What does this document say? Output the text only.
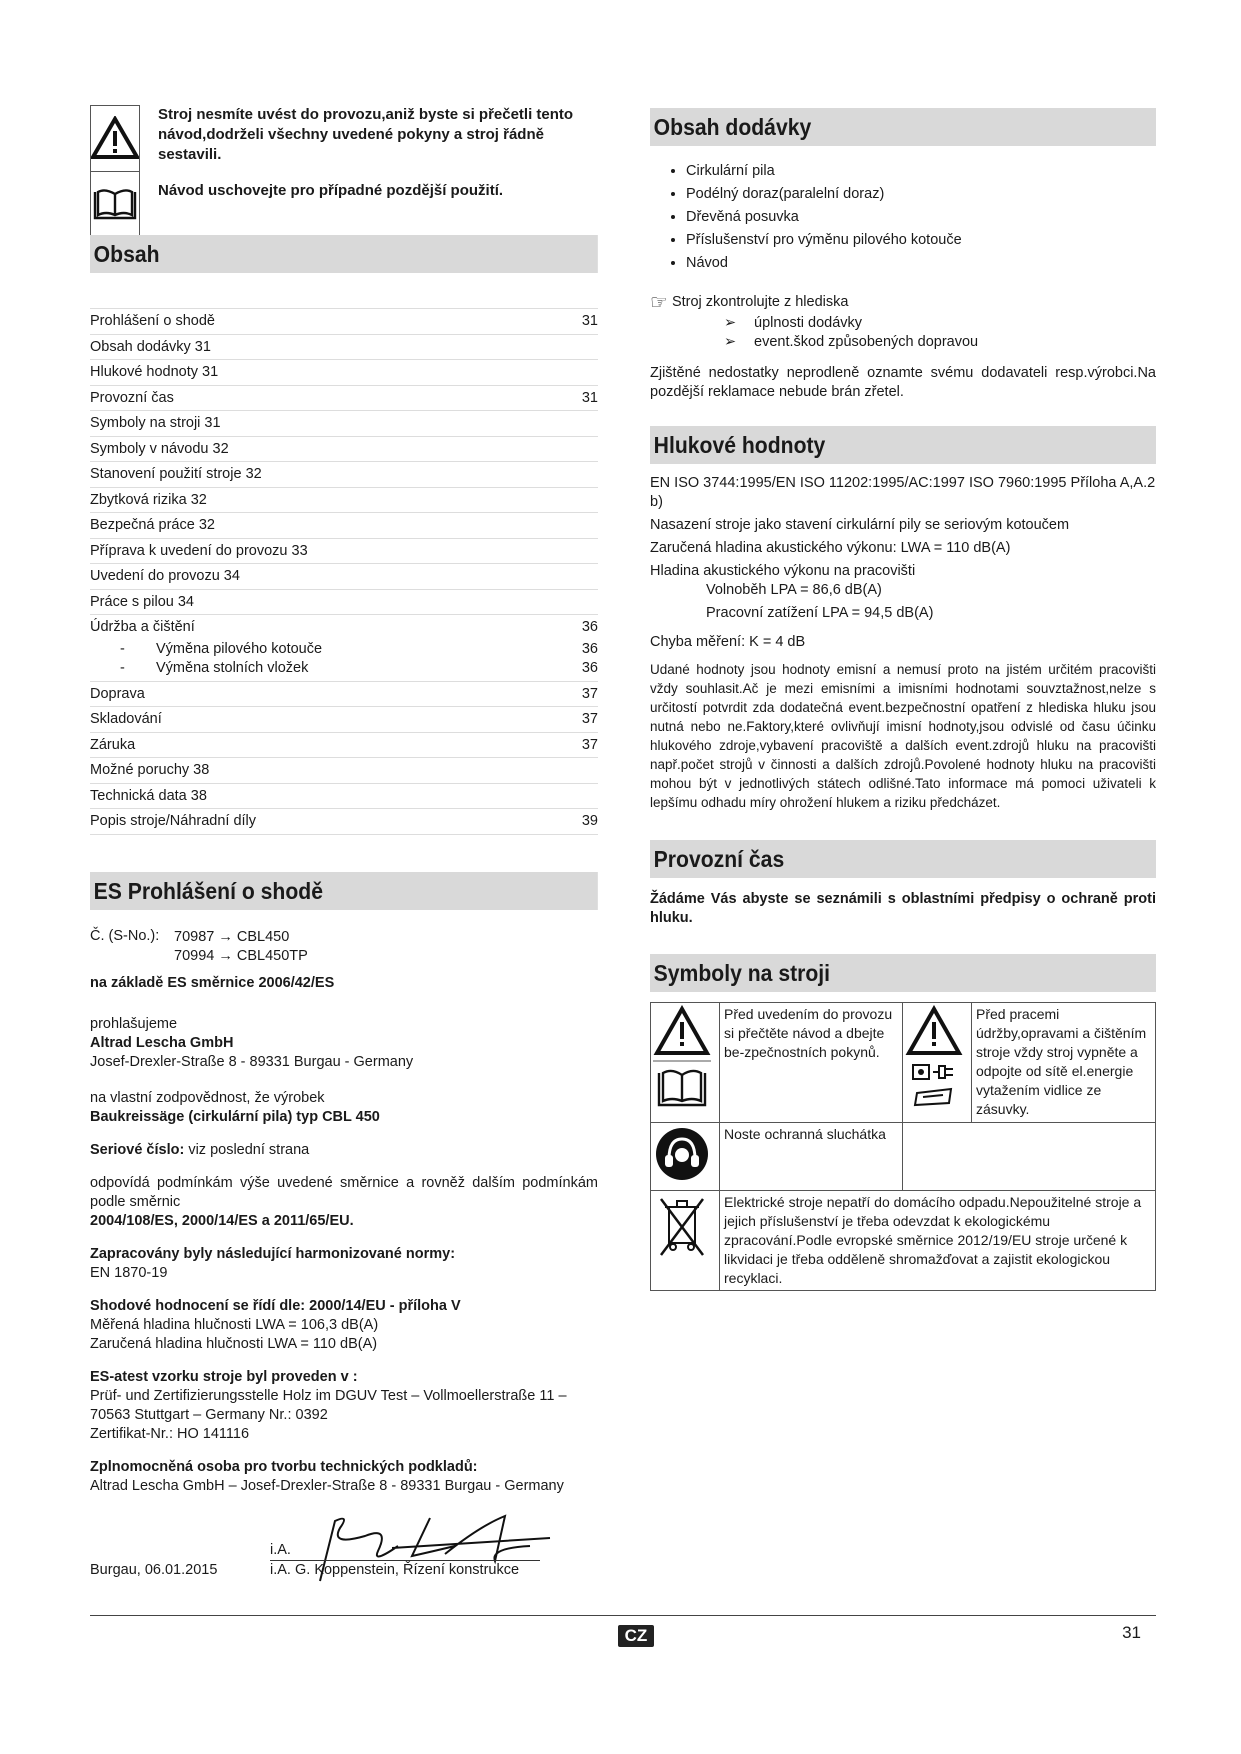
Stroj nesmíte uvést do provozu,aniž byste si přečetli tento návod,dodrželi všechny uvedené pokyny a stroj řádně sestavili.

Návod uschovejte pro případné pozdější použití.

Obsah
Prohlášení o shodě	31
Obsah dodávky 31
Hlukové hodnoty 31
Provozní čas	31
Symboly na stroji 31
Symboly v návodu 32
Stanovení použití stroje 32
Zbytková rizika 32
Bezpečná práce 32
Příprava k uvedení do provozu 33
Uvedení do provozu 34
Práce s pilou 34
Údržba a čištění	36
- Výměna pilového kotouče	36
- Výměna stolních vložek	36
Doprava	37
Skladování	37
Záruka	37
Možné poruchy 38
Technická data 38
Popis stroje/Náhradní díly	39
ES Prohlášení o shodě
Č. (S-No.):	70987 → CBL450

70994 → CBL450TP

na základě ES směrnice 2006/42/ES

prohlašujeme

Altrad Lescha GmbH

Josef-Drexler-Straße 8 - 89331 Burgau - Germany

na vlastní zodpovědnost, že výrobek

Baukreissäge (cirkulární pila) typ CBL 450

Seriové číslo: viz poslední strana

odpovídá podmínkám výše uvedené směrnice a rovněž dalším podmínkám podle směrnic

2004/108/ES, 2000/14/ES a 2011/65/EU.

Zapracovány byly následující harmonizované normy:

EN 1870-19

Shodové hodnocení se řídí dle: 2000/14/EU - příloha V

Měřená hladina hlučnosti LWA = 106,3 dB(A)

Zaručená hladina hlučnosti LWA = 110 dB(A)

ES-atest vzorku stroje byl proveden v :

Prüf- und Zertifizierungsstelle Holz im DGUV Test – Vollmoellerstraße 11 –

70563 Stuttgart – Germany Nr.: 0392

Zertifikat-Nr.: HO 141116

Zplnomocněná osoba pro tvorbu technických podkladů:

Altrad Lescha GmbH – Josef-Drexler-Straße 8 - 89331 Burgau - Germany

i.A.
Burgau, 06.01.2015	i.A. G. Koppenstein, Řízení konstrukce
Obsah dodávky
• Cirkulární pila
• Podélný doraz(paralelní doraz)
• Dřevěná posuvka
• Příslušenství pro výměnu pilového kotouče
• Návod
☞ Stroj zkontrolujte z hlediska

➢ úplnosti dodávky

➢ event.škod způsobených dopravou

Zjištěné nedostatky neprodleně oznamte svému dodavateli resp.výrobci.Na pozdější reklamace nebude brán zřetel.

Hlukové hodnoty

EN ISO 3744:1995/EN ISO 11202:1995/AC:1997 ISO 7960:1995 Příloha A,A.2 b)

Nasazení stroje jako stavení cirkulární pily se seriovým kotoučem

Zaručená hladina akustického výkonu: LWA = 110 dB(A)

Hladina akustického výkonu na pracovišti

Volnoběh LPA = 86,6 dB(A)

Pracovní zatížení LPA = 94,5 dB(A)

Chyba měření: K = 4 dB

Udané hodnoty jsou hodnoty emisní a nemusí proto na jistém určitém pracovišti vždy souhlasit.Ač je mezi emisními a imisními hodnotami souvztažnost,nelze s určitostí potvrdit zda dodatečná event.bezpečnostní opatření z hlediska hluku jsou nutná nebo ne.Faktory,které ovlivňují imisní hodnoty,jsou odvislé od času účinku hlukového zdroje,vybavení pracoviště a dalších event.zdrojů hluku na pracovišti např.počet strojů v činnosti a dalších zdrojů.Povolené hodnoty hluku na pracovišti mohou být v jednotlivých státech odlišné.Tato informace má pomoci uživateli k lepšímu odhadu míry ohrožení hlukem a riziku předcházet.

Provozní čas

Žádáme Vás abyste se seznámili s oblastními předpisy o ochraně proti hluku.

Symboly na stroji
	Před uvedením do provozu si přečtěte návod a dbejte be-zpečnostních pokynů.		Před pracemi údržby,opravami a čištěním stroje vždy stroj vypněte a odpojte od sítě el.energie vytažením vidlice ze zásuvky.
	Noste ochranná sluchátka		
	Elektrické stroje nepatří do domácího odpadu.Nepoužitelné stroje a jejich příslušenství je třeba odevzdat k ekologickému zpracování.Podle evropské směrnice 2012/19/EU stroje určené k likvidaci je třeba odděleně shromažďovat a zajistit ekologickou recyklaci.		
CZ	31
